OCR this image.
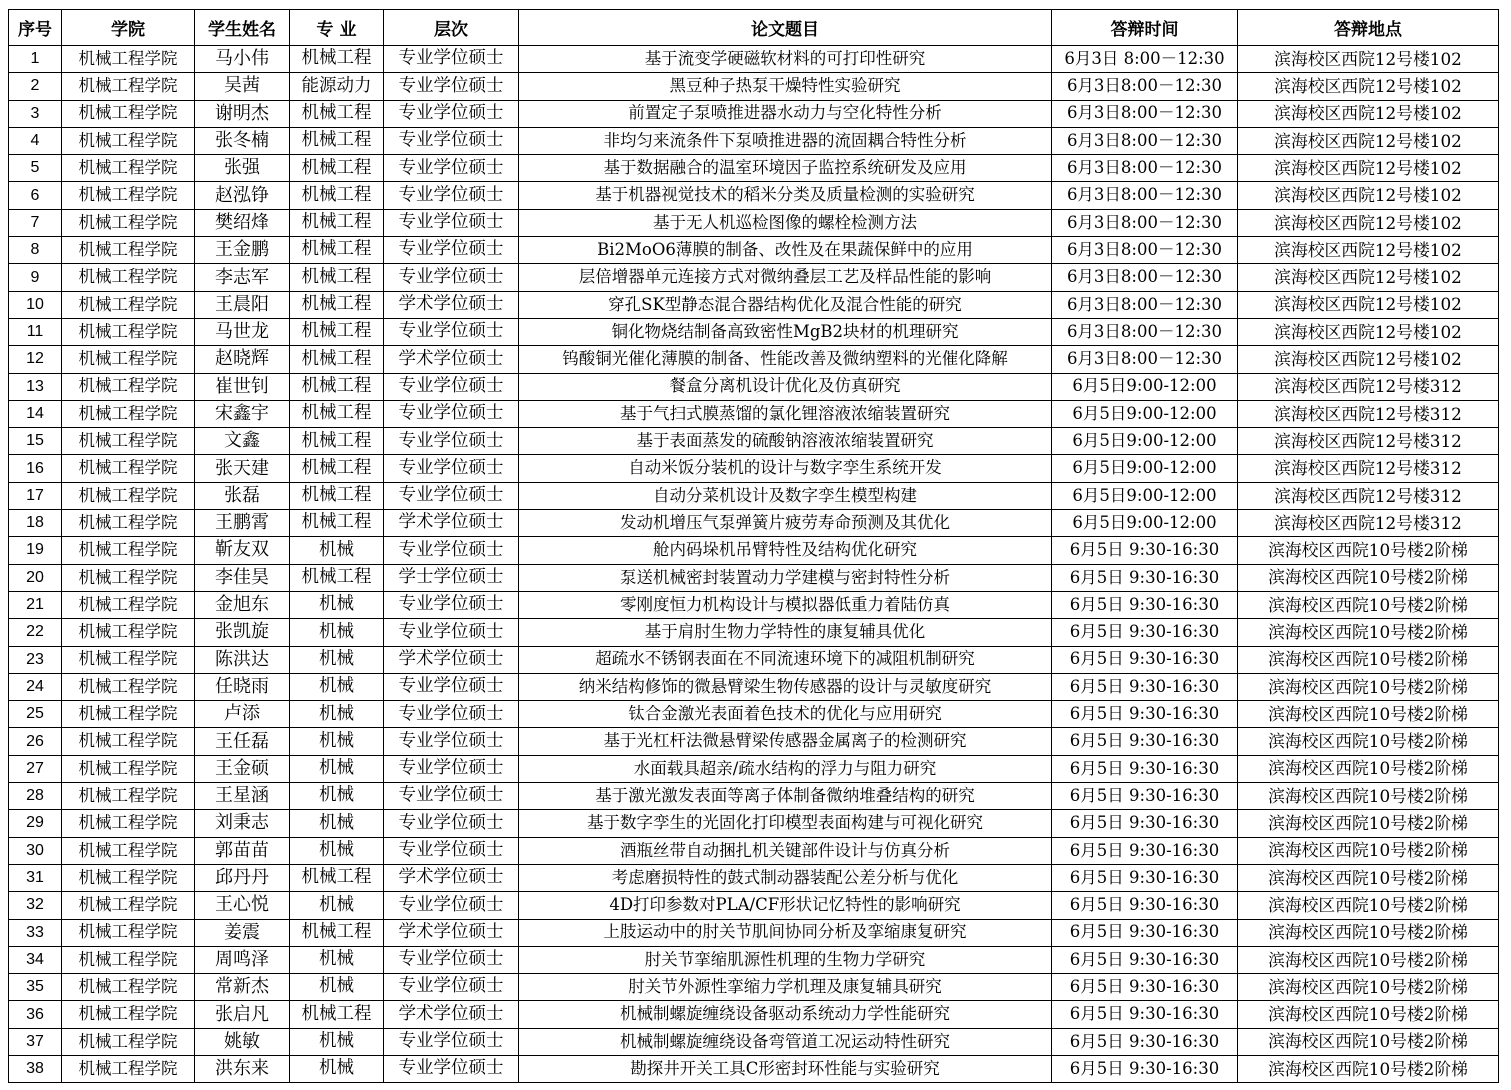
序号	学院	学生姓名	专 业	层次	论文题目	答辩时间	答辩地点
1	机械工程学院	马小伟	机械工程	专业学位硕士	基于流变学硬磁软材料的可打印性研究	6月3日 8:00－12:30	滨海校区西院12号楼102
2	机械工程学院	吴茜	能源动力	专业学位硕士	黑豆种子热泵干燥特性实验研究	6月3日8:00－12:30	滨海校区西院12号楼102
3	机械工程学院	谢明杰	机械工程	专业学位硕士	前置定子泵喷推进器水动力与空化特性分析	6月3日8:00－12:30	滨海校区西院12号楼102
4	机械工程学院	张冬楠	机械工程	专业学位硕士	非均匀来流条件下泵喷推进器的流固耦合特性分析	6月3日8:00－12:30	滨海校区西院12号楼102
5	机械工程学院	张强	机械工程	专业学位硕士	基于数据融合的温室环境因子监控系统研发及应用	6月3日8:00－12:30	滨海校区西院12号楼102
6	机械工程学院	赵泓铮	机械工程	专业学位硕士	基于机器视觉技术的稻米分类及质量检测的实验研究	6月3日8:00－12:30	滨海校区西院12号楼102
7	机械工程学院	樊绍烽	机械工程	专业学位硕士	基于无人机巡检图像的螺栓检测方法	6月3日8:00－12:30	滨海校区西院12号楼102
8	机械工程学院	王金鹏	机械工程	专业学位硕士	Bi2MoO6薄膜的制备、改性及在果蔬保鲜中的应用	6月3日8:00－12:30	滨海校区西院12号楼102
9	机械工程学院	李志军	机械工程	专业学位硕士	层倍增器单元连接方式对微纳叠层工艺及样品性能的影响	6月3日8:00－12:30	滨海校区西院12号楼102
10	机械工程学院	王晨阳	机械工程	学术学位硕士	穿孔SK型静态混合器结构优化及混合性能的研究	6月3日8:00－12:30	滨海校区西院12号楼102
11	机械工程学院	马世龙	机械工程	专业学位硕士	铜化物烧结制备高致密性MgB2块材的机理研究	6月3日8:00－12:30	滨海校区西院12号楼102
12	机械工程学院	赵晓辉	机械工程	学术学位硕士	钨酸铜光催化薄膜的制备、性能改善及微纳塑料的光催化降解	6月3日8:00－12:30	滨海校区西院12号楼102
13	机械工程学院	崔世钊	机械工程	专业学位硕士	餐盒分离机设计优化及仿真研究	6月5日9:00-12:00	滨海校区西院12号楼312
14	机械工程学院	宋鑫宇	机械工程	专业学位硕士	基于气扫式膜蒸馏的氯化锂溶液浓缩装置研究	6月5日9:00-12:00	滨海校区西院12号楼312
15	机械工程学院	文鑫	机械工程	专业学位硕士	基于表面蒸发的硫酸钠溶液浓缩装置研究	6月5日9:00-12:00	滨海校区西院12号楼312
16	机械工程学院	张天建	机械工程	专业学位硕士	自动米饭分装机的设计与数字孪生系统开发	6月5日9:00-12:00	滨海校区西院12号楼312
17	机械工程学院	张磊	机械工程	专业学位硕士	自动分菜机设计及数字孪生模型构建	6月5日9:00-12:00	滨海校区西院12号楼312
18	机械工程学院	王鹏霄	机械工程	学术学位硕士	发动机增压气泵弹簧片疲劳寿命预测及其优化	6月5日9:00-12:00	滨海校区西院12号楼312
19	机械工程学院	靳友双	机械	专业学位硕士	舱内码垛机吊臂特性及结构优化研究	6月5日 9:30-16:30	滨海校区西院10号楼2阶梯
20	机械工程学院	李佳昊	机械工程	学士学位硕士	泵送机械密封装置动力学建模与密封特性分析	6月5日 9:30-16:30	滨海校区西院10号楼2阶梯
21	机械工程学院	金旭东	机械	专业学位硕士	零刚度恒力机构设计与模拟器低重力着陆仿真	6月5日 9:30-16:30	滨海校区西院10号楼2阶梯
22	机械工程学院	张凯旋	机械	专业学位硕士	基于肩肘生物力学特性的康复辅具优化	6月5日 9:30-16:30	滨海校区西院10号楼2阶梯
23	机械工程学院	陈洪达	机械	学术学位硕士	超疏水不锈钢表面在不同流速环境下的减阻机制研究	6月5日 9:30-16:30	滨海校区西院10号楼2阶梯
24	机械工程学院	任晓雨	机械	专业学位硕士	纳米结构修饰的微悬臂梁生物传感器的设计与灵敏度研究	6月5日 9:30-16:30	滨海校区西院10号楼2阶梯
25	机械工程学院	卢添	机械	专业学位硕士	钛合金激光表面着色技术的优化与应用研究	6月5日 9:30-16:30	滨海校区西院10号楼2阶梯
26	机械工程学院	王任磊	机械	专业学位硕士	基于光杠杆法微悬臂梁传感器金属离子的检测研究	6月5日 9:30-16:30	滨海校区西院10号楼2阶梯
27	机械工程学院	王金硕	机械	专业学位硕士	水面载具超亲/疏水结构的浮力与阻力研究	6月5日 9:30-16:30	滨海校区西院10号楼2阶梯
28	机械工程学院	王星涵	机械	专业学位硕士	基于激光激发表面等离子体制备微纳堆叠结构的研究	6月5日 9:30-16:30	滨海校区西院10号楼2阶梯
29	机械工程学院	刘秉志	机械	专业学位硕士	基于数字孪生的光固化打印模型表面构建与可视化研究	6月5日 9:30-16:30	滨海校区西院10号楼2阶梯
30	机械工程学院	郭苗苗	机械	专业学位硕士	酒瓶丝带自动捆扎机关键部件设计与仿真分析	6月5日 9:30-16:30	滨海校区西院10号楼2阶梯
31	机械工程学院	邱丹丹	机械工程	学术学位硕士	考虑磨损特性的鼓式制动器装配公差分析与优化	6月5日 9:30-16:30	滨海校区西院10号楼2阶梯
32	机械工程学院	王心悦	机械	专业学位硕士	4D打印参数对PLA/CF形状记忆特性的影响研究	6月5日 9:30-16:30	滨海校区西院10号楼2阶梯
33	机械工程学院	姜震	机械工程	学术学位硕士	上肢运动中的肘关节肌间协同分析及挛缩康复研究	6月5日 9:30-16:30	滨海校区西院10号楼2阶梯
34	机械工程学院	周鸣泽	机械	专业学位硕士	肘关节挛缩肌源性机理的生物力学研究	6月5日 9:30-16:30	滨海校区西院10号楼2阶梯
35	机械工程学院	常新杰	机械	专业学位硕士	肘关节外源性挛缩力学机理及康复辅具研究	6月5日 9:30-16:30	滨海校区西院10号楼2阶梯
36	机械工程学院	张启凡	机械工程	学术学位硕士	机械制螺旋缠绕设备驱动系统动力学性能研究	6月5日 9:30-16:30	滨海校区西院10号楼2阶梯
37	机械工程学院	姚敏	机械	专业学位硕士	机械制螺旋缠绕设备弯管道工况运动特性研究	6月5日 9:30-16:30	滨海校区西院10号楼2阶梯
38	机械工程学院	洪东来	机械	专业学位硕士	勘探井开关工具C形密封环性能与实验研究	6月5日 9:30-16:30	滨海校区西院10号楼2阶梯
